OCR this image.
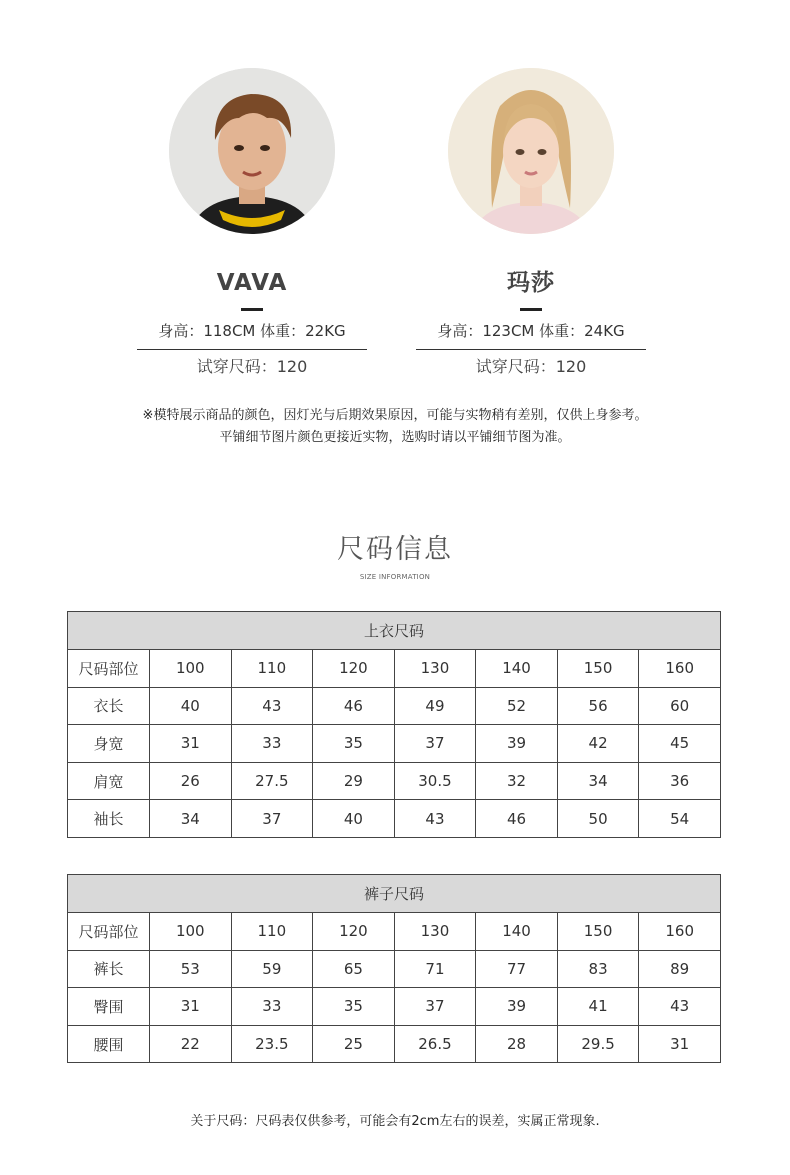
VAVA
身高：118CM 体重：22KG
试穿尺码：120
玛莎
身高：123CM 体重：24KG
试穿尺码：120
※模特展示商品的颜色，因灯光与后期效果原因，可能与实物稍有差别，仅供上身参考。
平铺细节图片颜色更接近实物，选购时请以平铺细节图为准。
尺码信息
SIZE INFORMATION
上衣尺码							
尺码部位	100	110	120	130	140	150	160
衣长	40	43	46	49	52	56	60
身宽	31	33	35	37	39	42	45
肩宽	26	27.5	29	30.5	32	34	36
袖长	34	37	40	43	46	50	54
裤子尺码							
尺码部位	100	110	120	130	140	150	160
裤长	53	59	65	71	77	83	89
臀围	31	33	35	37	39	41	43
腰围	22	23.5	25	26.5	28	29.5	31
关于尺码：尺码表仅供参考，可能会有2cm左右的误差，实属正常现象.
